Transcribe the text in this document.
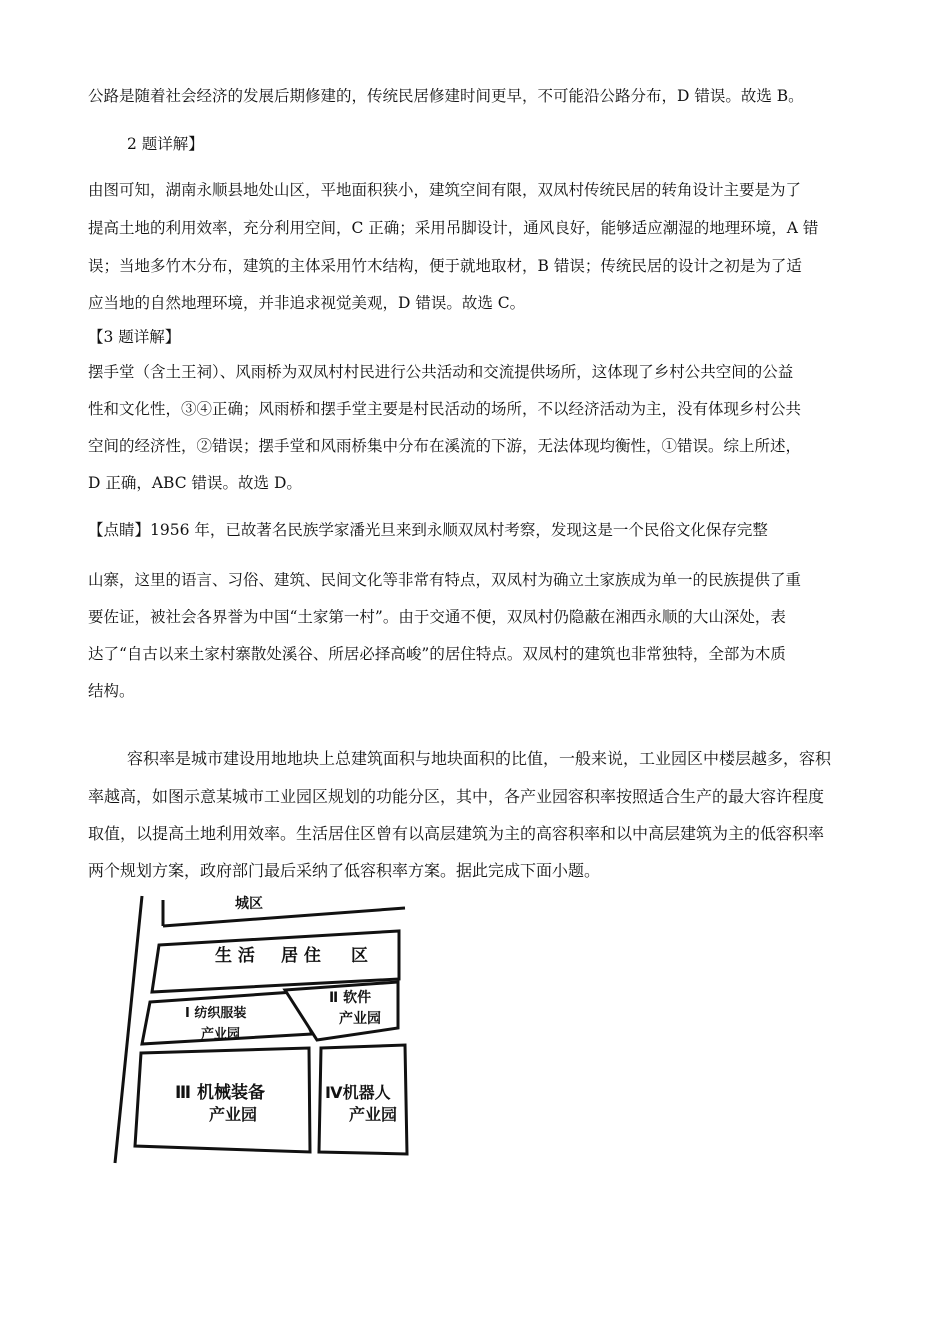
公路是随着社会经济的发展后期修建的，传统民居修建时间更早，不可能沿公路分布，D 错误。故选 B。
2 题详解】
由图可知，湖南永顺县地处山区，平地面积狭小，建筑空间有限，双凤村传统民居的转角设计主要是为了
提高土地的利用效率，充分利用空间，C 正确；采用吊脚设计，通风良好，能够适应潮湿的地理环境，A 错
误；当地多竹木分布，建筑的主体采用竹木结构，便于就地取材，B 错误；传统民居的设计之初是为了适
应当地的自然地理环境，并非追求视觉美观，D 错误。故选 C。
【3 题详解】
摆手堂（含土王祠）、风雨桥为双凤村村民进行公共活动和交流提供场所，这体现了乡村公共空间的公益
性和文化性，③④正确；风雨桥和摆手堂主要是村民活动的场所，不以经济活动为主，没有体现乡村公共
空间的经济性，②错误；摆手堂和风雨桥集中分布在溪流的下游，无法体现均衡性，①错误。综上所述，
D 正确，ABC 错误。故选 D。
【点睛】1956 年，已故著名民族学家潘光旦来到永顺双凤村考察，发现这是一个民俗文化保存完整
山寨，这里的语言、习俗、建筑、民间文化等非常有特点，双凤村为确立土家族成为单一的民族提供了重
要佐证，被社会各界誉为中国“土家第一村”。由于交通不便，双凤村仍隐蔽在湘西永顺的大山深处，表
达了“自古以来土家村寨散处溪谷、所居必择高峻”的居住特点。双凤村的建筑也非常独特，全部为木质
结构。
容积率是城市建设用地地块上总建筑面积与地块面积的比值，一般来说，工业园区中楼层越多，容积
率越高，如图示意某城市工业园区规划的功能分区，其中，各产业园容积率按照适合生产的最大容许程度
取值，以提高土地利用效率。生活居住区曾有以高层建筑为主的高容积率和以中高层建筑为主的低容积率
两个规划方案，政府部门最后采纳了低容积率方案。据此完成下面小题。
城区
生 活 居 住 区
Ⅰ 纺织服装
产业园
Ⅱ 软件
产业园
Ⅲ 机械装备
产业园
Ⅳ机器人
产业园
